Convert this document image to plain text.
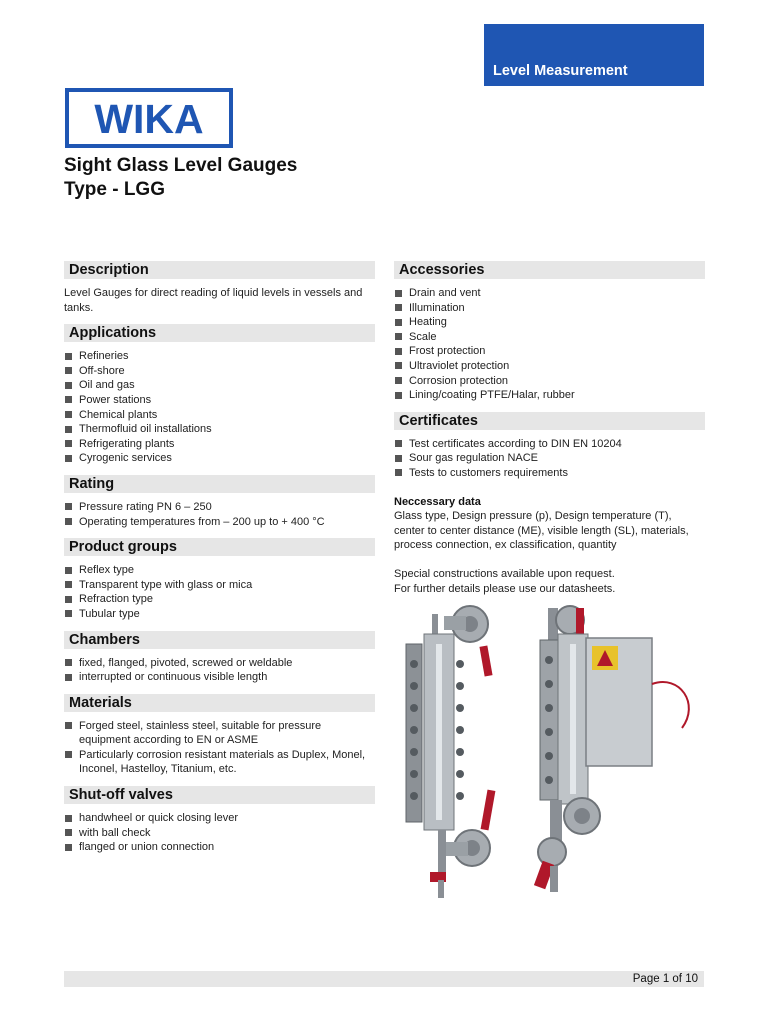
Level Measurement
WIKA
Sight Glass Level Gauges
Type - LGG
Description

Level Gauges for direct reading of liquid levels in vessels and tanks.

Applications
Refineries
Off-shore
Oil and gas
Power stations
Chemical plants
Thermofluid oil installations
Refrigerating plants
Cyrogenic services
Rating
Pressure rating PN 6 – 250
Operating temperatures from – 200 up to + 400 °C
Product groups
Reflex type
Transparent type with glass or mica
Refraction type
Tubular type
Chambers
fixed, flanged, pivoted, screwed or weldable
interrupted or continuous visible length
Materials
Forged steel, stainless steel, suitable for pressure equipment according to EN or ASME
Particularly corrosion resistant materials as Duplex, Monel, Inconel, Hastelloy, Titanium, etc.
Shut-off valves
handwheel or quick closing lever
with ball check
flanged or union connection
Accessories
Drain and vent
Illumination
Heating
Scale
Frost protection
Ultraviolet protection
Corrosion protection
Lining/coating PTFE/Halar, rubber
Certificates
Test certificates according to DIN EN 10204
Sour gas regulation NACE
Tests to customers requirements
Neccessary data

Glass type, Design pressure (p), Design temperature (T), center to center distance (ME), visible length (SL), materials, process connection, ex classification, quantity

Special constructions available upon request.

For further details please use our datasheets.

Page 1 of 10
